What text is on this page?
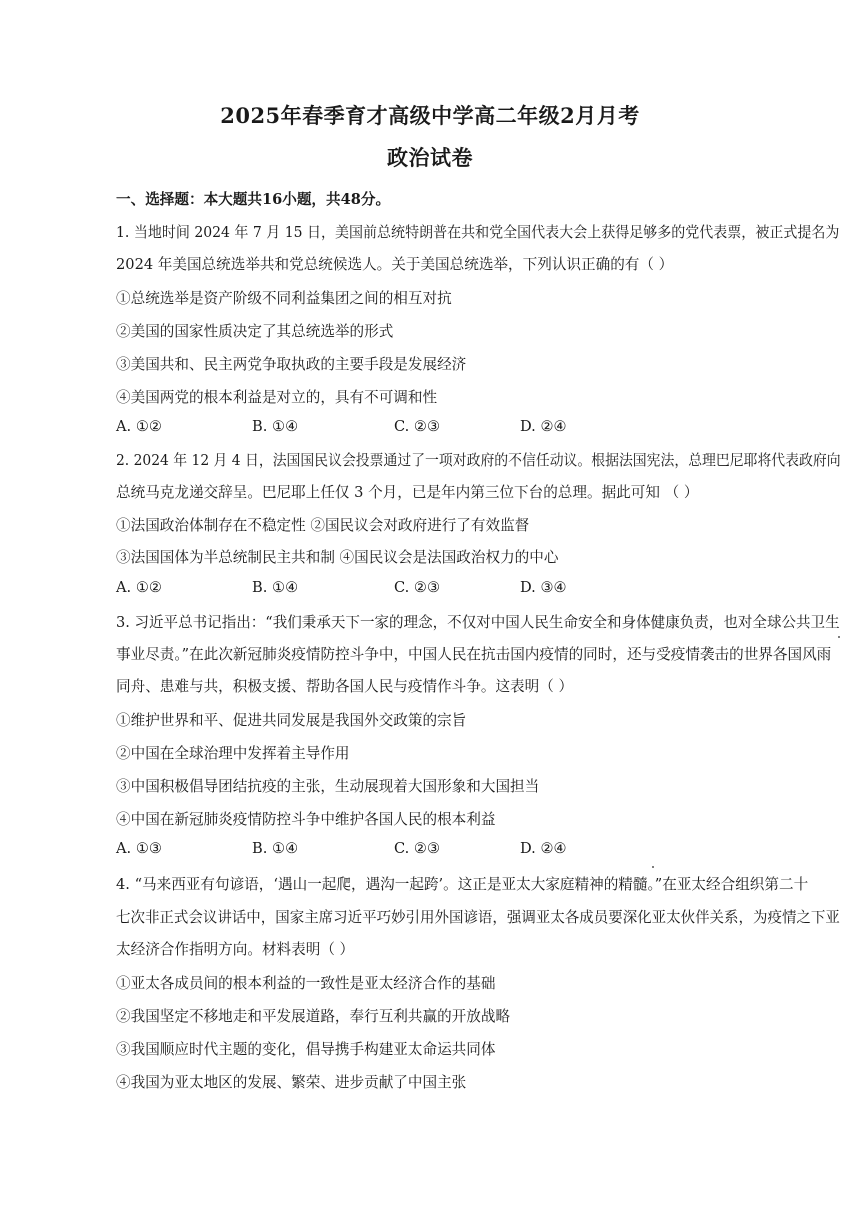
2025年春季育才高级中学高二年级2月月考
政治试卷
一、选择题：本大题共16小题，共48分。
1. 当地时间 2024 年 7 月 15 日，美国前总统特朗普在共和党全国代表大会上获得足够多的党代表票，被正式提名为
2024 年美国总统选举共和党总统候选人。关于美国总统选举，下列认识正确的有（ ）
①总统选举是资产阶级不同利益集团之间的相互对抗
②美国的国家性质决定了其总统选举的形式
③美国共和、民主两党争取执政的主要手段是发展经济
④美国两党的根本利益是对立的，具有不可调和性
A. ①②	B. ①④	C. ②③	D. ②④
2. 2024 年 12 月 4 日，法国国民议会投票通过了一项对政府的不信任动议。根据法国宪法，总理巴尼耶将代表政府向
总统马克龙递交辞呈。巴尼耶上任仅 3 个月，已是年内第三位下台的总理。据此可知 （ ）
①法国政治体制存在不稳定性 ②国民议会对政府进行了有效监督
③法国国体为半总统制民主共和制 ④国民议会是法国政治权力的中心
A. ①②	B. ①④	C. ②③	D. ③④
3. 习近平总书记指出：“我们秉承天下一家的理念，不仅对中国人民生命安全和身体健康负责，也对全球公共卫生
事业尽责。”在此次新冠肺炎疫情防控斗争中，中国人民在抗击国内疫情的同时，还与受疫情袭击的世界各国风雨
同舟、患难与共，积极支援、帮助各国人民与疫情作斗争。这表明（ ）
①维护世界和平、促进共同发展是我国外交政策的宗旨
②中国在全球治理中发挥着主导作用
③中国积极倡导团结抗疫的主张，生动展现着大国形象和大国担当
④中国在新冠肺炎疫情防控斗争中维护各国人民的根本利益
A. ①③	B. ①④	C. ②③	D. ②④
4. “马来西亚有句谚语，‘遇山一起爬，遇沟一起跨’。这正是亚太大家庭精神的精髓。”在亚太经合组织第二十
七次非正式会议讲话中，国家主席习近平巧妙引用外国谚语，强调亚太各成员要深化亚太伙伴关系，为疫情之下亚
太经济合作指明方向。材料表明（ ）
①亚太各成员间的根本利益的一致性是亚太经济合作的基础
②我国坚定不移地走和平发展道路，奉行互利共赢的开放战略
③我国顺应时代主题的变化，倡导携手构建亚太命运共同体
④我国为亚太地区的发展、繁荣、进步贡献了中国主张
